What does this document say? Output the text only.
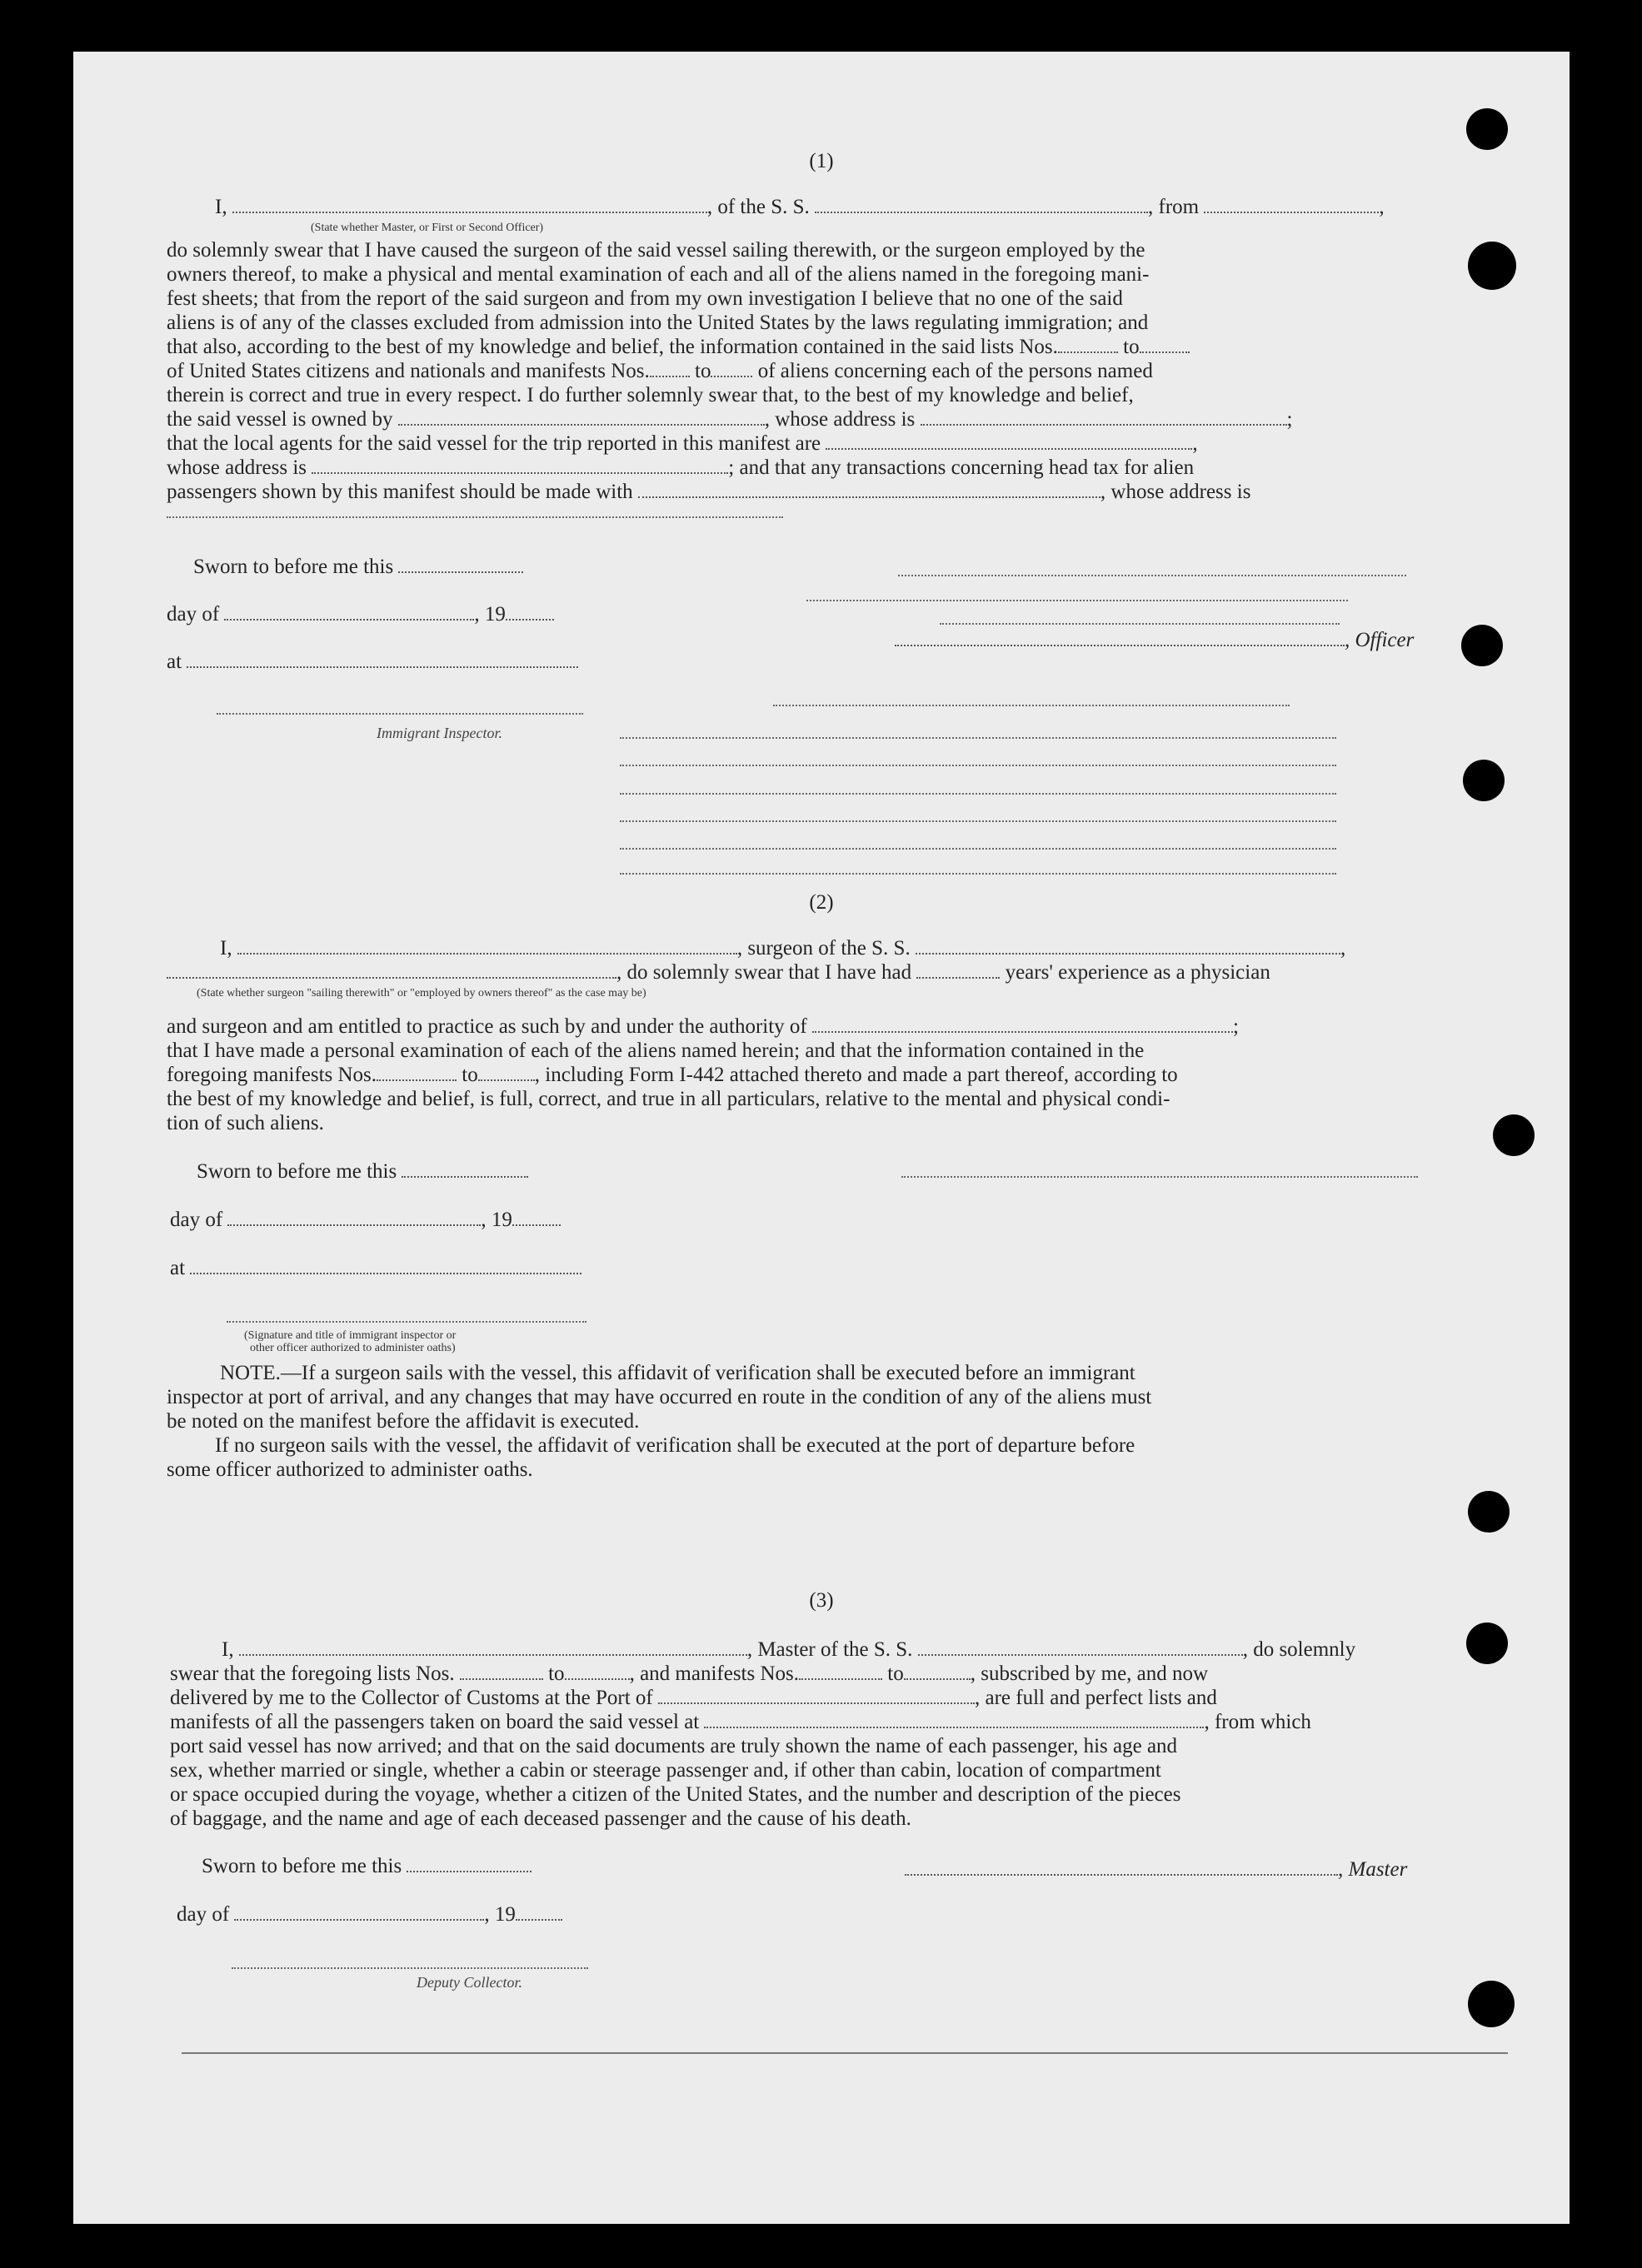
(1)
I,	, of the S. S.	, from	,
(State whether Master, or First or Second Officer)
do solemnly swear that I have caused the surgeon of the said vessel sailing therewith, or the surgeon employed by the
owners thereof, to make a physical and mental examination of each and all of the aliens named in the foregoing mani-
fest sheets; that from the report of the said surgeon and from my own investigation I believe that no one of the said
aliens is of any of the classes excluded from admission into the United States by the laws regulating immigration; and
that also, according to the best of my knowledge and belief, the information contained in the said lists Nos.	to
of United States citizens and nationals and manifests Nos. to of aliens concerning each of the persons named
therein is correct and true in every respect. I do further solemnly swear that, to the best of my knowledge and belief,
the said vessel is owned by	, whose address is	;
that the local agents for the said vessel for the trip reported in this manifest are	,
whose address is	; and that any transactions concerning head tax for alien
passengers shown by this manifest should be made with	, whose address is
Sworn to before me this
day of	, 19
at
Immigrant Inspector.
, Officer
(2)
I,	, surgeon of the S. S.	,
, do solemnly swear that I have had	years' experience as a physician
(State whether surgeon "sailing therewith" or "employed by owners thereof" as the case may be)
and surgeon and am entitled to practice as such by and under the authority of	;
that I have made a personal examination of each of the aliens named herein; and that the information contained in the
foregoing manifests Nos.	to	, including Form I-442 attached thereto and made a part thereof, according to
the best of my knowledge and belief, is full, correct, and true in all particulars, relative to the mental and physical condi-
tion of such aliens.
Sworn to before me this
day of	, 19
at
(Signature and title of immigrant inspector or
other officer authorized to administer oaths)
NOTE.—If a surgeon sails with the vessel, this affidavit of verification shall be executed before an immigrant
inspector at port of arrival, and any changes that may have occurred en route in the condition of any of the aliens must
be noted on the manifest before the affidavit is executed.
If no surgeon sails with the vessel, the affidavit of verification shall be executed at the port of departure before
some officer authorized to administer oaths.
(3)
I,	, Master of the S. S.	, do solemnly
swear that the foregoing lists Nos.	to	, and manifests Nos.	to	, subscribed by me, and now
delivered by me to the Collector of Customs at the Port of	, are full and perfect lists and
manifests of all the passengers taken on board the said vessel at	, from which
port said vessel has now arrived; and that on the said documents are truly shown the name of each passenger, his age and
sex, whether married or single, whether a cabin or steerage passenger and, if other than cabin, location of compartment
or space occupied during the voyage, whether a citizen of the United States, and the number and description of the pieces
of baggage, and the name and age of each deceased passenger and the cause of his death.
Sworn to before me this	, Master
day of	, 19
Deputy Collector.
